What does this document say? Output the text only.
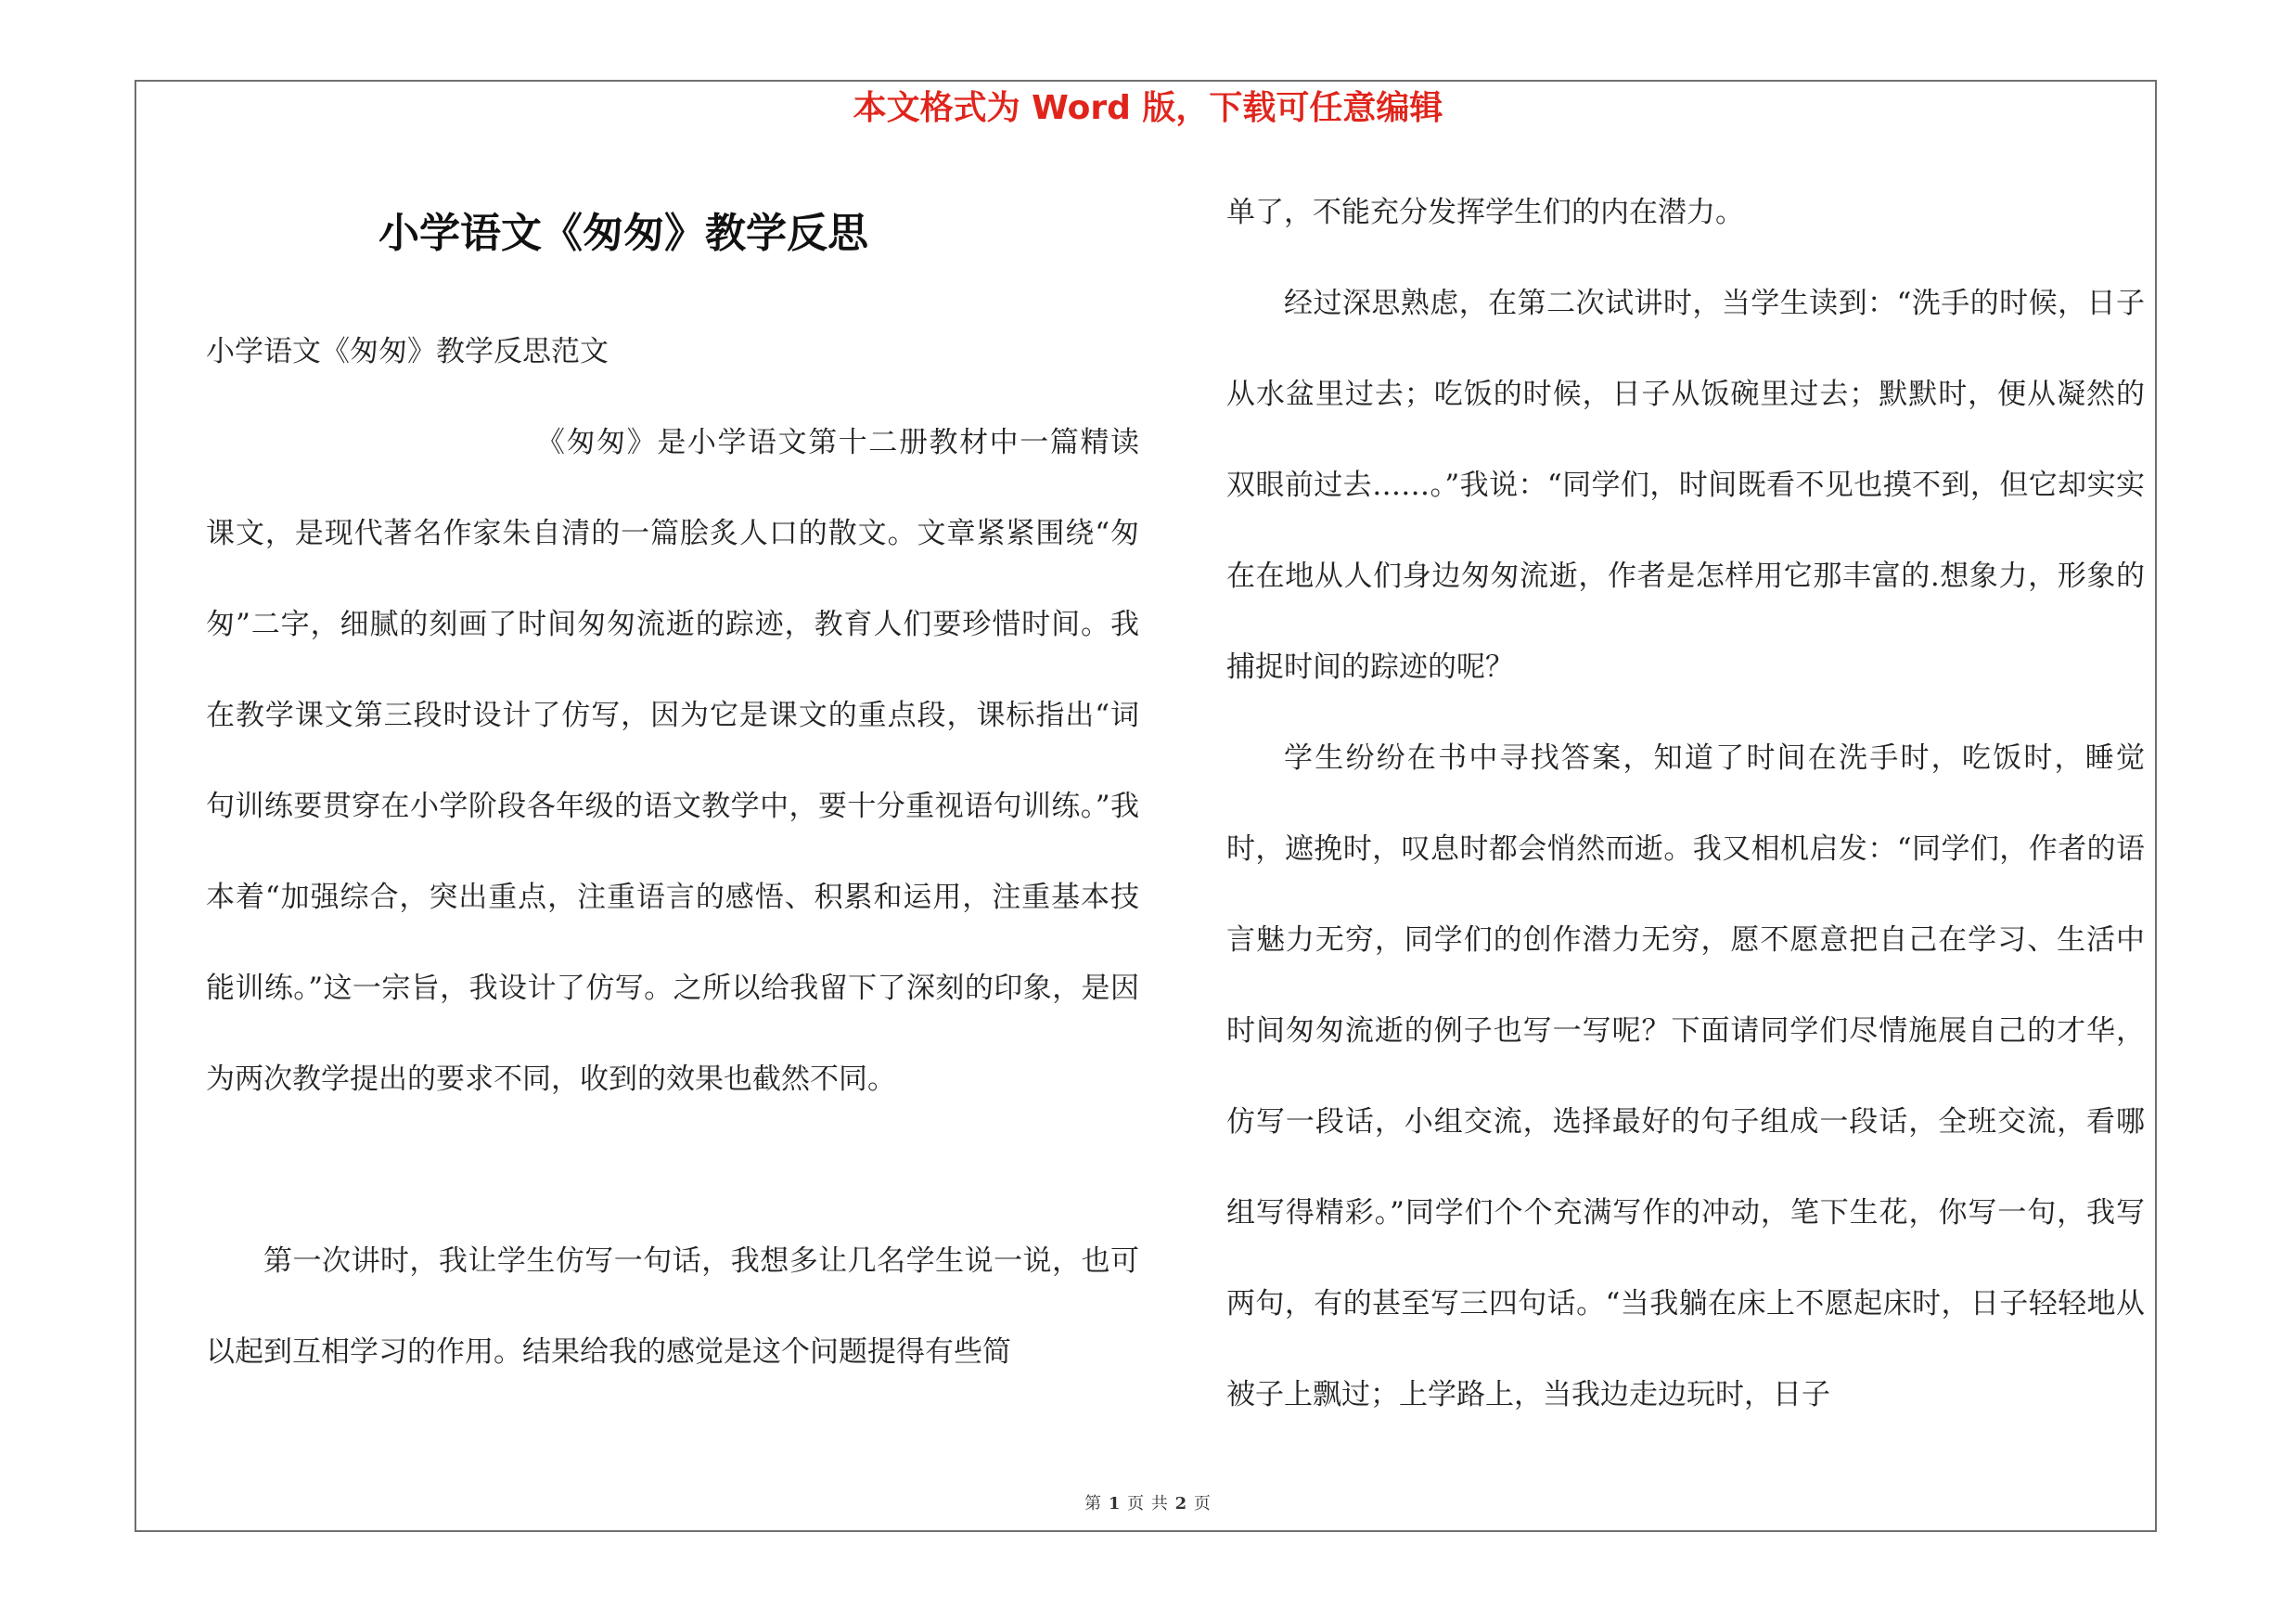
本文格式为 Word 版，下载可任意编辑
小学语文《匆匆》教学反思

小学语文《匆匆》教学反思范文

《匆匆》是小学语文第十二册教材中一篇精读课文，是现代著名作家朱自清的一篇脍炙人口的散文。文章紧紧围绕“匆匆”二字，细腻的刻画了时间匆匆流逝的踪迹，教育人们要珍惜时间。我在教学课文第三段时设计了仿写，因为它是课文的重点段，课标指出“词句训练要贯穿在小学阶段各年级的语文教学中，要十分重视语句训练。”我本着“加强综合，突出重点，注重语言的感悟、积累和运用，注重基本技能训练。”这一宗旨，我设计了仿写。之所以给我留下了深刻的印象，是因为两次教学提出的要求不同，收到的效果也截然不同。

第一次讲时，我让学生仿写一句话，我想多让几名学生说一说，也可以起到互相学习的作用。结果给我的感觉是这个问题提得有些简

单了，不能充分发挥学生们的内在潜力。

经过深思熟虑，在第二次试讲时，当学生读到：“洗手的时候，日子从水盆里过去；吃饭的时候，日子从饭碗里过去；默默时，便从凝然的双眼前过去……。”我说：“同学们，时间既看不见也摸不到，但它却实实在在地从人们身边匆匆流逝，作者是怎样用它那丰富的.想象力，形象的捕捉时间的踪迹的呢？

学生纷纷在书中寻找答案，知道了时间在洗手时，吃饭时，睡觉时，遮挽时，叹息时都会悄然而逝。我又相机启发：“同学们，作者的语言魅力无穷，同学们的创作潜力无穷，愿不愿意把自己在学习、生活中时间匆匆流逝的例子也写一写呢？下面请同学们尽情施展自己的才华，仿写一段话，小组交流，选择最好的句子组成一段话，全班交流，看哪组写得精彩。”同学们个个充满写作的冲动，笔下生花，你写一句，我写两句，有的甚至写三四句话。“当我躺在床上不愿起床时，日子轻轻地从被子上飘过；上学路上，当我边走边玩时，日子

第 1 页 共 2 页
